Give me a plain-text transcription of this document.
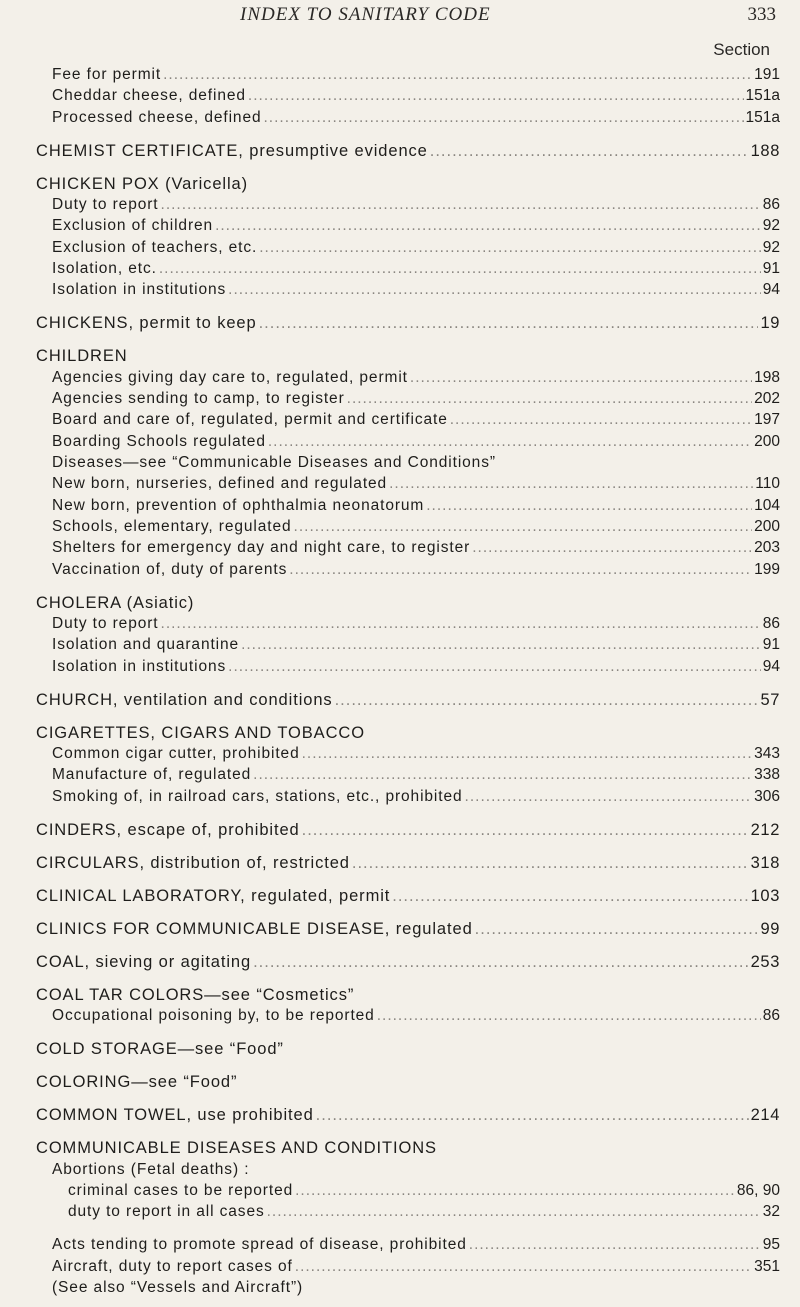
INDEX TO SANITARY CODE	333
Section
Fee for permit .....	191
Cheddar cheese, defined .....	151a
Processed cheese, defined .....	151a
CHEMIST CERTIFICATE, presumptive evidence .....	188
CHICKEN POX (Varicella)
Duty to report .....	86
Exclusion of children .....	92
Exclusion of teachers, etc. .....	92
Isolation, etc. .....	91
Isolation in institutions .....	94
CHICKENS, permit to keep .....	19
CHILDREN
Agencies giving day care to, regulated, permit .....	198
Agencies sending to camp, to register .....	202
Board and care of, regulated, permit and certificate .....	197
Boarding Schools regulated .....	200
Diseases—see “Communicable Diseases and Conditions”
New born, nurseries, defined and regulated .....	110
New born, prevention of ophthalmia neonatorum .....	104
Schools, elementary, regulated .....	200
Shelters for emergency day and night care, to register .....	203
Vaccination of, duty of parents .....	199
CHOLERA (Asiatic)
Duty to report .....	86
Isolation and quarantine .....	91
Isolation in institutions .....	94
CHURCH, ventilation and conditions .....	57
CIGARETTES, CIGARS AND TOBACCO
Common cigar cutter, prohibited .....	343
Manufacture of, regulated .....	338
Smoking of, in railroad cars, stations, etc., prohibited .....	306
CINDERS, escape of, prohibited .....	212
CIRCULARS, distribution of, restricted .....	318
CLINICAL LABORATORY, regulated, permit .....	103
CLINICS FOR COMMUNICABLE DISEASE, regulated .....	99
COAL, sieving or agitating .....	253
COAL TAR COLORS—see “Cosmetics”
Occupational poisoning by, to be reported .....	86
COLD STORAGE—see “Food”
COLORING—see “Food”
COMMON TOWEL, use prohibited .....	214
COMMUNICABLE DISEASES AND CONDITIONS
Abortions (Fetal deaths) :
criminal cases to be reported .....	86, 90
duty to report in all cases .....	32
Acts tending to promote spread of disease, prohibited .....	95
Aircraft, duty to report cases of .....	351
(See also “Vessels and Aircraft”)
